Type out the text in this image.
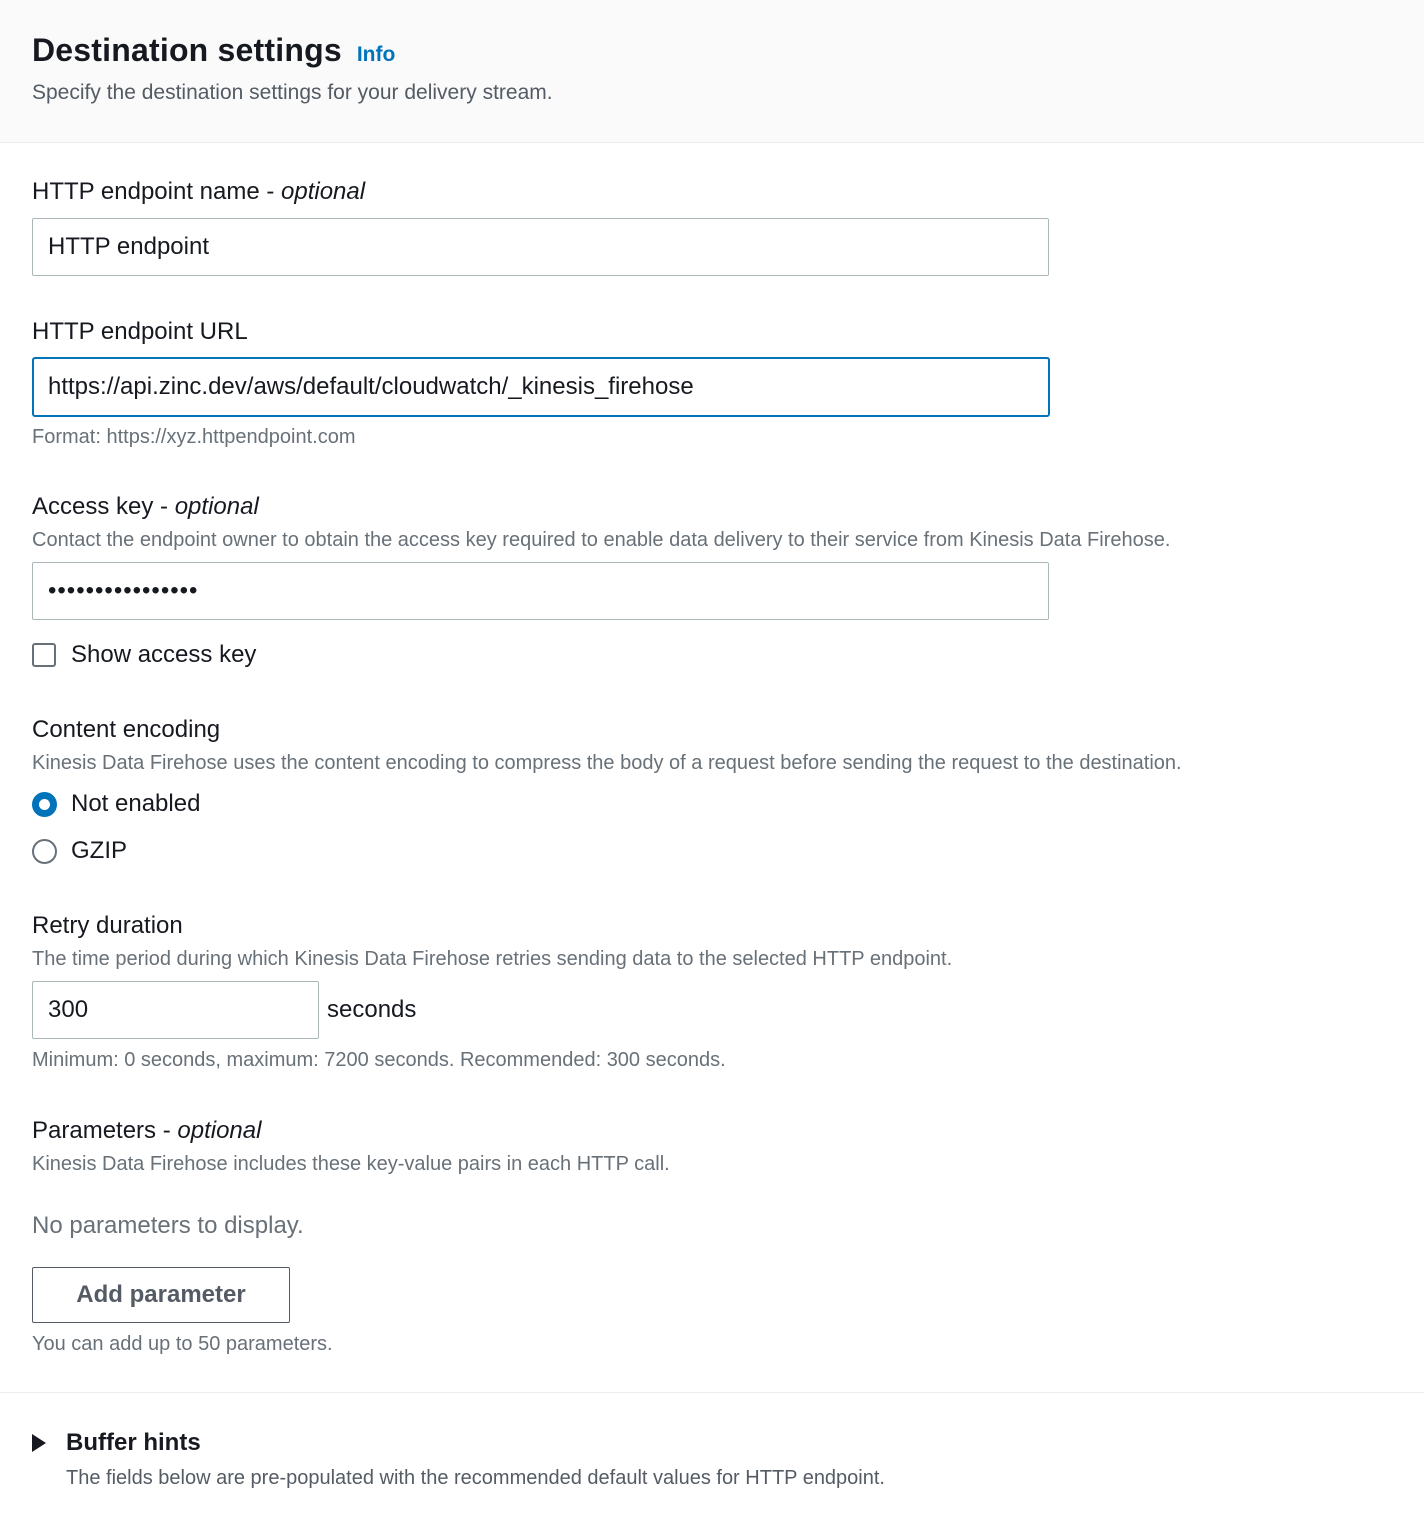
Destination settings Info
Specify the destination settings for your delivery stream.
HTTP endpoint name - optional
HTTP endpoint
HTTP endpoint URL
https://api.zinc.dev/aws/default/cloudwatch/_kinesis_firehose
Format: https://xyz.httpendpoint.com
Access key - optional
Contact the endpoint owner to obtain the access key required to enable data delivery to their service from Kinesis Data Firehose.
••••••••••••••••
Show access key
Content encoding
Kinesis Data Firehose uses the content encoding to compress the body of a request before sending the request to the destination.
Not enabled
GZIP
Retry duration
The time period during which Kinesis Data Firehose retries sending data to the selected HTTP endpoint.
300
seconds
Minimum: 0 seconds, maximum: 7200 seconds. Recommended: 300 seconds.
Parameters - optional
Kinesis Data Firehose includes these key-value pairs in each HTTP call.
No parameters to display.
Add parameter
You can add up to 50 parameters.
Buffer hints
The fields below are pre-populated with the recommended default values for HTTP endpoint.
